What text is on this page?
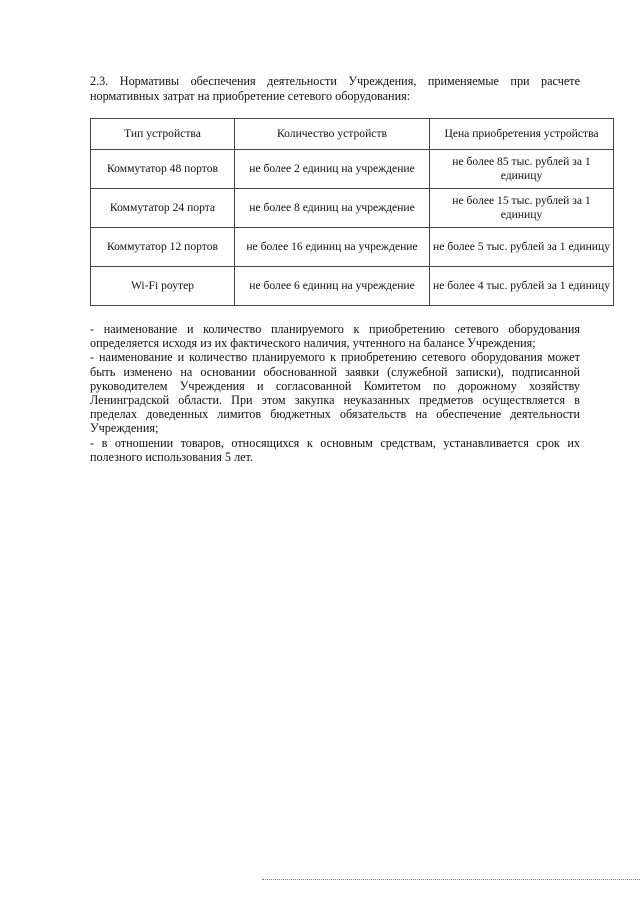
2.3. Нормативы обеспечения деятельности Учреждения, применяемые при расчете нормативных затрат на приобретение сетевого оборудования:

Тип устройства	Количество устройств	Цена приобретения устройства
Коммутатор 48 портов	не более 2 единиц на учреждение	не более 85 тыс. рублей за 1 единицу
Коммутатор 24 порта	не более 8 единиц на учреждение	не более 15 тыс. рублей за 1 единицу
Коммутатор 12 портов	не более 16 единиц на учреждение	не более 5 тыс. рублей за 1 единицу
Wi-Fi роутер	не более 6 единиц на учреждение	не более 4 тыс. рублей за 1 единицу

- наименование и количество планируемого к приобретению сетевого оборудования определяется исходя из их фактического наличия, учтенного на балансе Учреждения;

- наименование и количество планируемого к приобретению сетевого оборудования может быть изменено на основании обоснованной заявки (служебной записки), подписанной руководителем Учреждения и согласованной Комитетом по дорожному хозяйству Ленинградской области. При этом закупка неуказанных предметов осуществляется в пределах доведенных лимитов бюджетных обязательств на обеспечение деятельности Учреждения;

- в отношении товаров, относящихся к основным средствам, устанавливается срок их полезного использования 5 лет.
